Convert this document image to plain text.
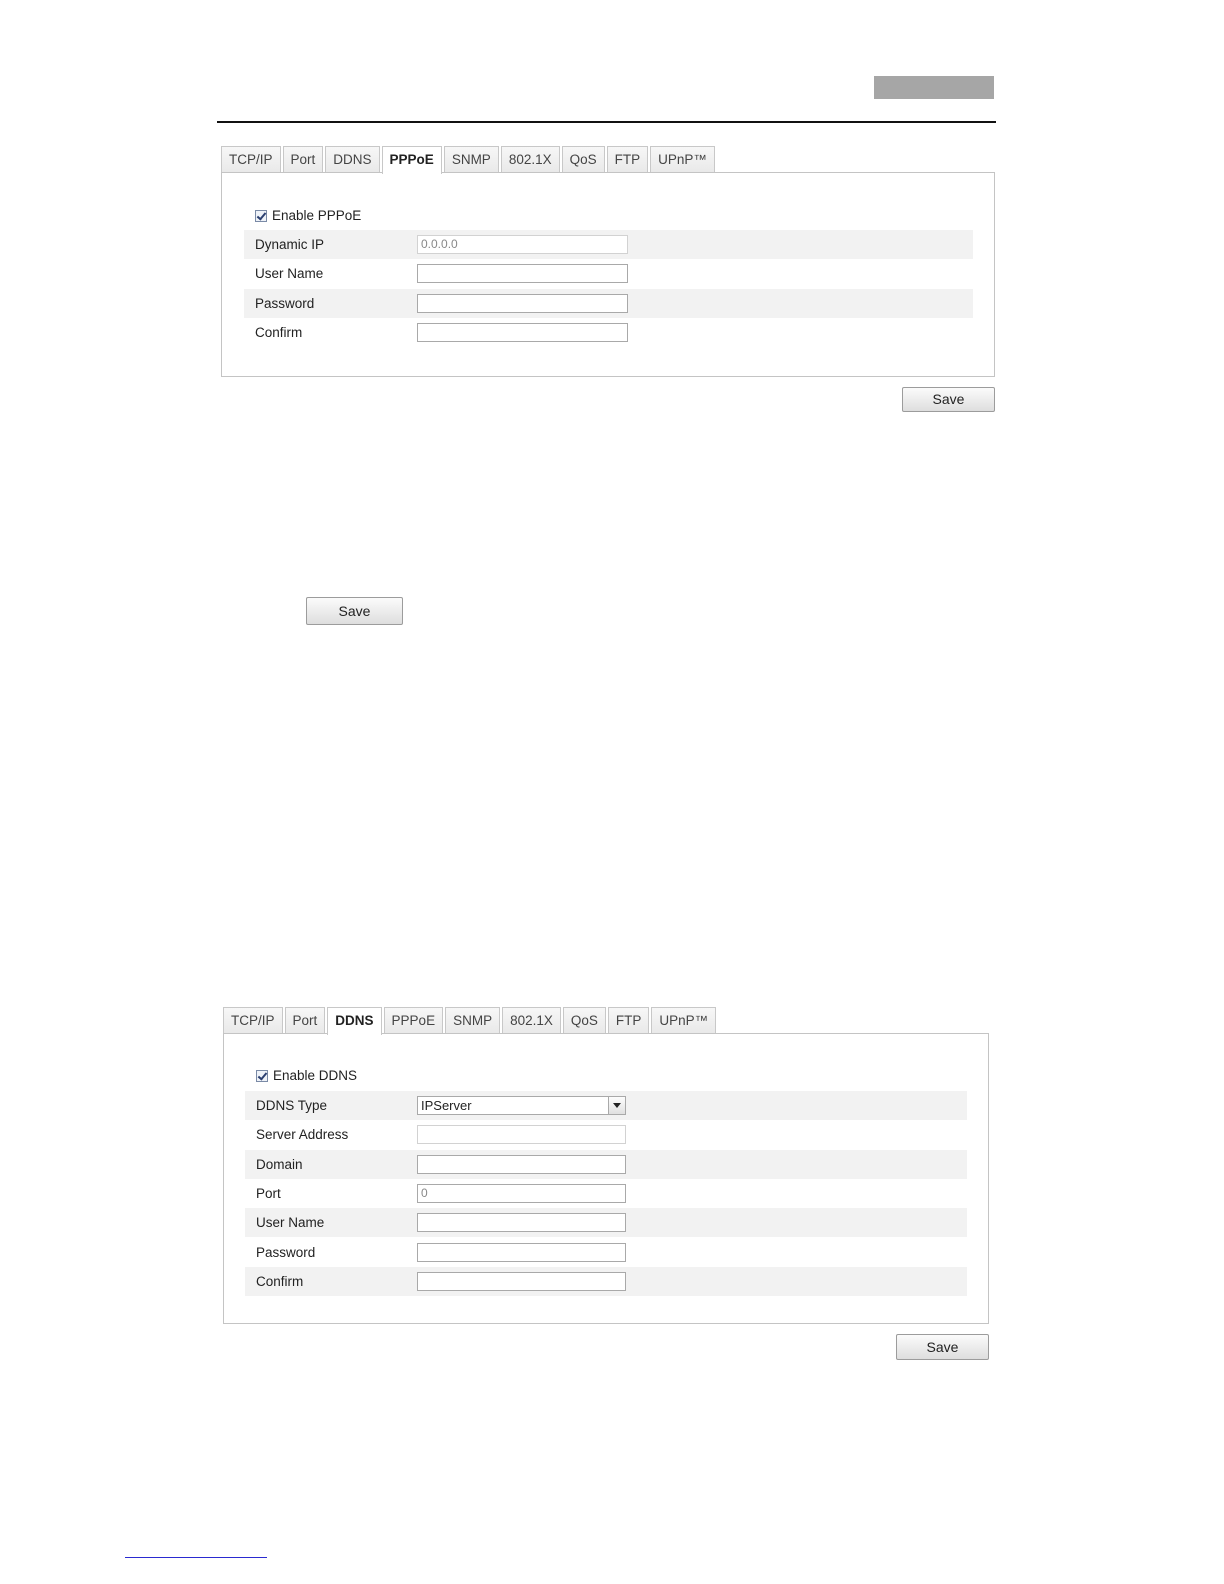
TCP/IP	Port	DDNS	PPPoE	SNMP	802.1X	QoS	FTP	UPnP™
Enable PPPoE
Dynamic IP	0.0.0.0
User Name
Password
Confirm
Save
Save
TCP/IP	Port	DDNS	PPPoE	SNMP	802.1X	QoS	FTP	UPnP™
Enable DDNS
DDNS Type	IPServer
Server Address
Domain
Port	0
User Name
Password
Confirm
Save
